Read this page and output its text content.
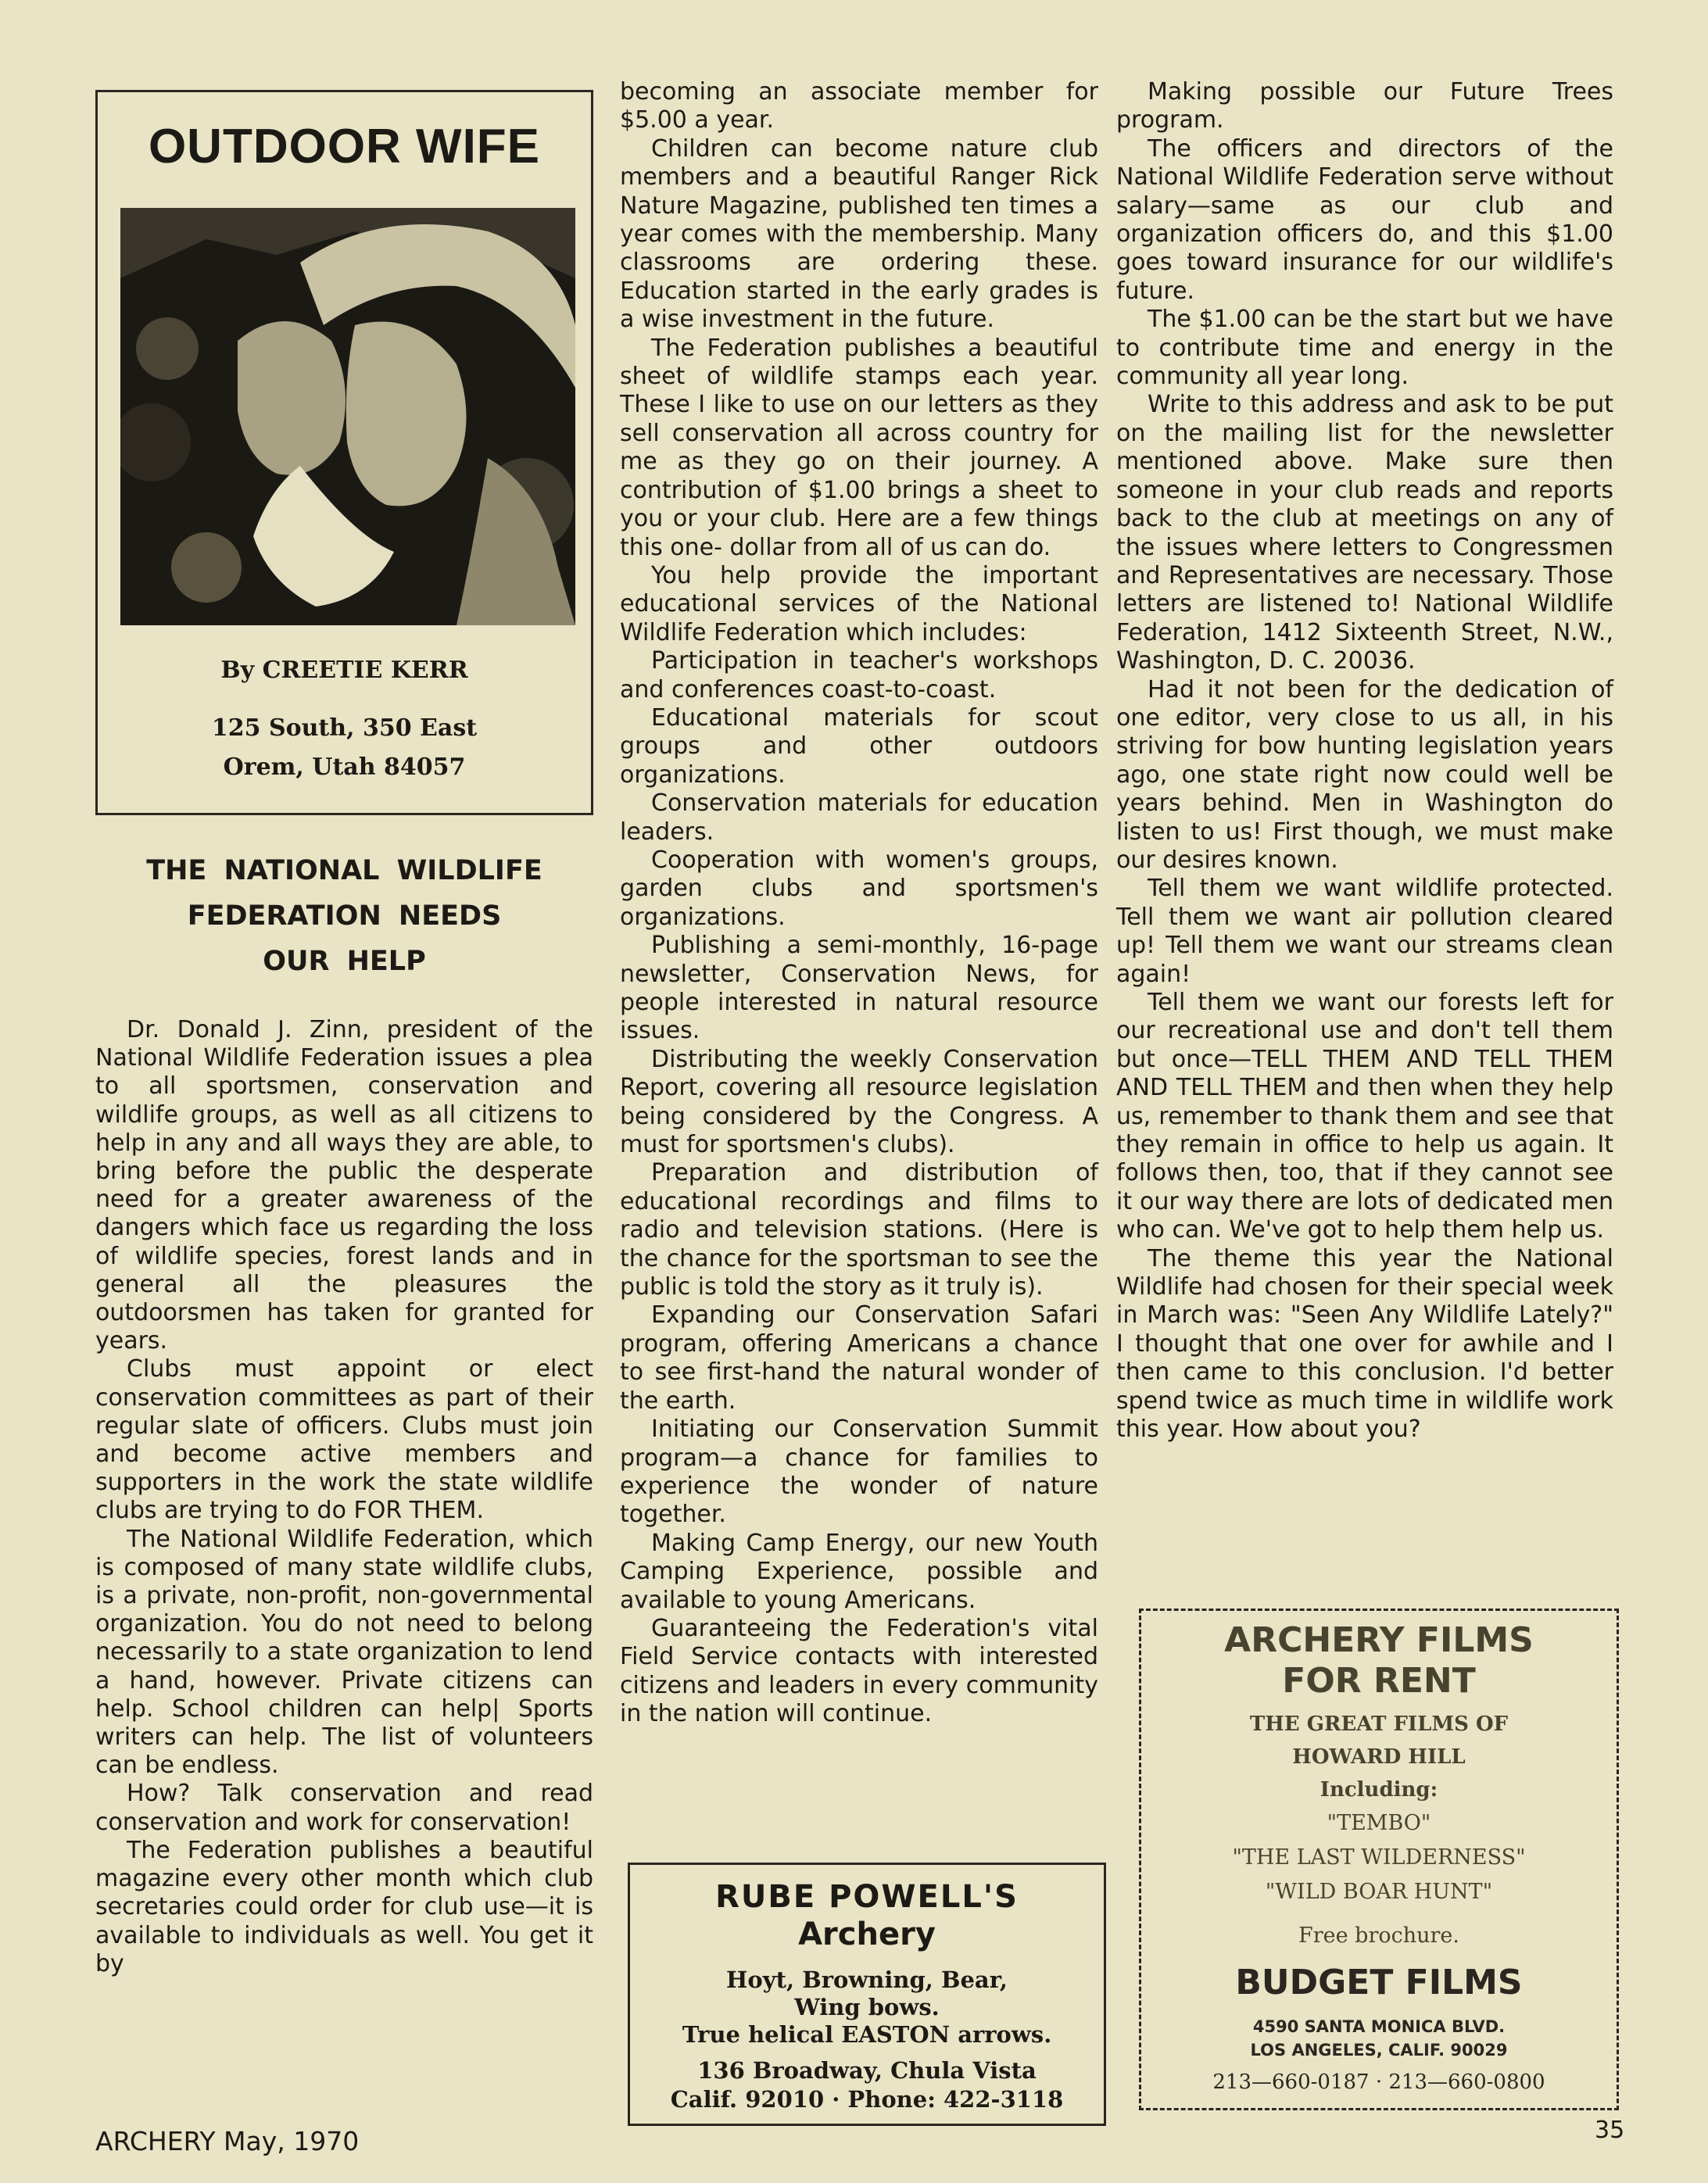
OUTDOOR WIFE

By CREETIE KERR

125 South, 350 East

Orem, Utah 84057

THE NATIONAL WILDLIFE
FEDERATION NEEDS
OUR HELP

Dr. Donald J. Zinn, president of the National Wildlife Federation issues a plea to all sportsmen, conservation and wildlife groups, as well as all citizens to help in any and all ways they are able, to bring before the public the desperate need for a greater awareness of the dangers which face us regarding the loss of wildlife species, forest lands and in general all the pleasures the outdoorsmen has taken for granted for years.

Clubs must appoint or elect conservation committees as part of their regular slate of officers. Clubs must join and become active members and supporters in the work the state wildlife clubs are trying to do FOR THEM.

The National Wildlife Federation, which is composed of many state wildlife clubs, is a private, non-profit, non-governmental organization. You do not need to belong necessarily to a state organization to lend a hand, however. Private citizens can help. School children can help| Sports writers can help. The list of volunteers can be endless.

How? Talk conservation and read conservation and work for conservation!

The Federation publishes a beautiful magazine every other month which club secretaries could order for club use—it is available to individuals as well. You get it by

becoming an associate member for $5.00 a year.

Children can become nature club members and a beautiful Ranger Rick Nature Magazine, published ten times a year comes with the membership. Many classrooms are ordering these. Education started in the early grades is a wise investment in the future.

The Federation publishes a beautiful sheet of wildlife stamps each year. These I like to use on our letters as they sell conservation all across country for me as they go on their journey. A contribution of $1.00 brings a sheet to you or your club. Here are a few things this one- dollar from all of us can do.

You help provide the important educational services of the National Wildlife Federation which includes:

Participation in teacher's workshops and conferences coast-to-coast.

Educational materials for scout groups and other outdoors organizations.

Conservation materials for education leaders.

Cooperation with women's groups, garden clubs and sportsmen's organizations.

Publishing a semi-monthly, 16-page newsletter, Conservation News, for people interested in natural resource issues.

Distributing the weekly Conservation Report, covering all resource legislation being considered by the Congress. A must for sportsmen's clubs).

Preparation and distribution of educational recordings and films to radio and television stations. (Here is the chance for the sportsman to see the public is told the story as it truly is).

Expanding our Conservation Safari program, offering Americans a chance to see first-hand the natural wonder of the earth.

Initiating our Conservation Summit program—a chance for families to experience the wonder of nature together.

Making Camp Energy, our new Youth Camping Experience, possible and available to young Americans.

Guaranteeing the Federation's vital Field Service contacts with interested citizens and leaders in every community in the nation will continue.

Making possible our Future Trees program.

The officers and directors of the National Wildlife Federation serve without salary—same as our club and organization officers do, and this $1.00 goes toward insurance for our wildlife's future.

The $1.00 can be the start but we have to contribute time and energy in the community all year long.

Write to this address and ask to be put on the mailing list for the newsletter mentioned above. Make sure then someone in your club reads and reports back to the club at meetings on any of the issues where letters to Congressmen and Representatives are necessary. Those letters are listened to! National Wildlife Federation, 1412 Sixteenth Street, N.W., Washington, D. C. 20036.

Had it not been for the dedication of one editor, very close to us all, in his striving for bow hunting legislation years ago, one state right now could well be years behind. Men in Washington do listen to us! First though, we must make our desires known.

Tell them we want wildlife protected. Tell them we want air pollution cleared up! Tell them we want our streams clean again!

Tell them we want our forests left for our recreational use and don't tell them but once—TELL THEM AND TELL THEM AND TELL THEM and then when they help us, remember to thank them and see that they remain in office to help us again. It follows then, too, that if they cannot see it our way there are lots of dedicated men who can. We've got to help them help us.

The theme this year the National Wildlife had chosen for their special week in March was: "Seen Any Wildlife Lately?" I thought that one over for awhile and I then came to this conclusion. I'd better spend twice as much time in wildlife work this year. How about you?

RUBE POWELL'S

Archery

Hoyt, Browning, Bear,

Wing bows.

True helical EASTON arrows.

136 Broadway, Chula Vista

Calif. 92010 · Phone: 422-3118

ARCHERY FILMS

FOR RENT

THE GREAT FILMS OF

HOWARD HILL

Including:

"TEMBO"

"THE LAST WILDERNESS"

"WILD BOAR HUNT"

Free brochure.

BUDGET FILMS

4590 SANTA MONICA BLVD.

LOS ANGELES, CALIF. 90029

213—660-0187 · 213—660-0800

ARCHERY May, 1970	35
